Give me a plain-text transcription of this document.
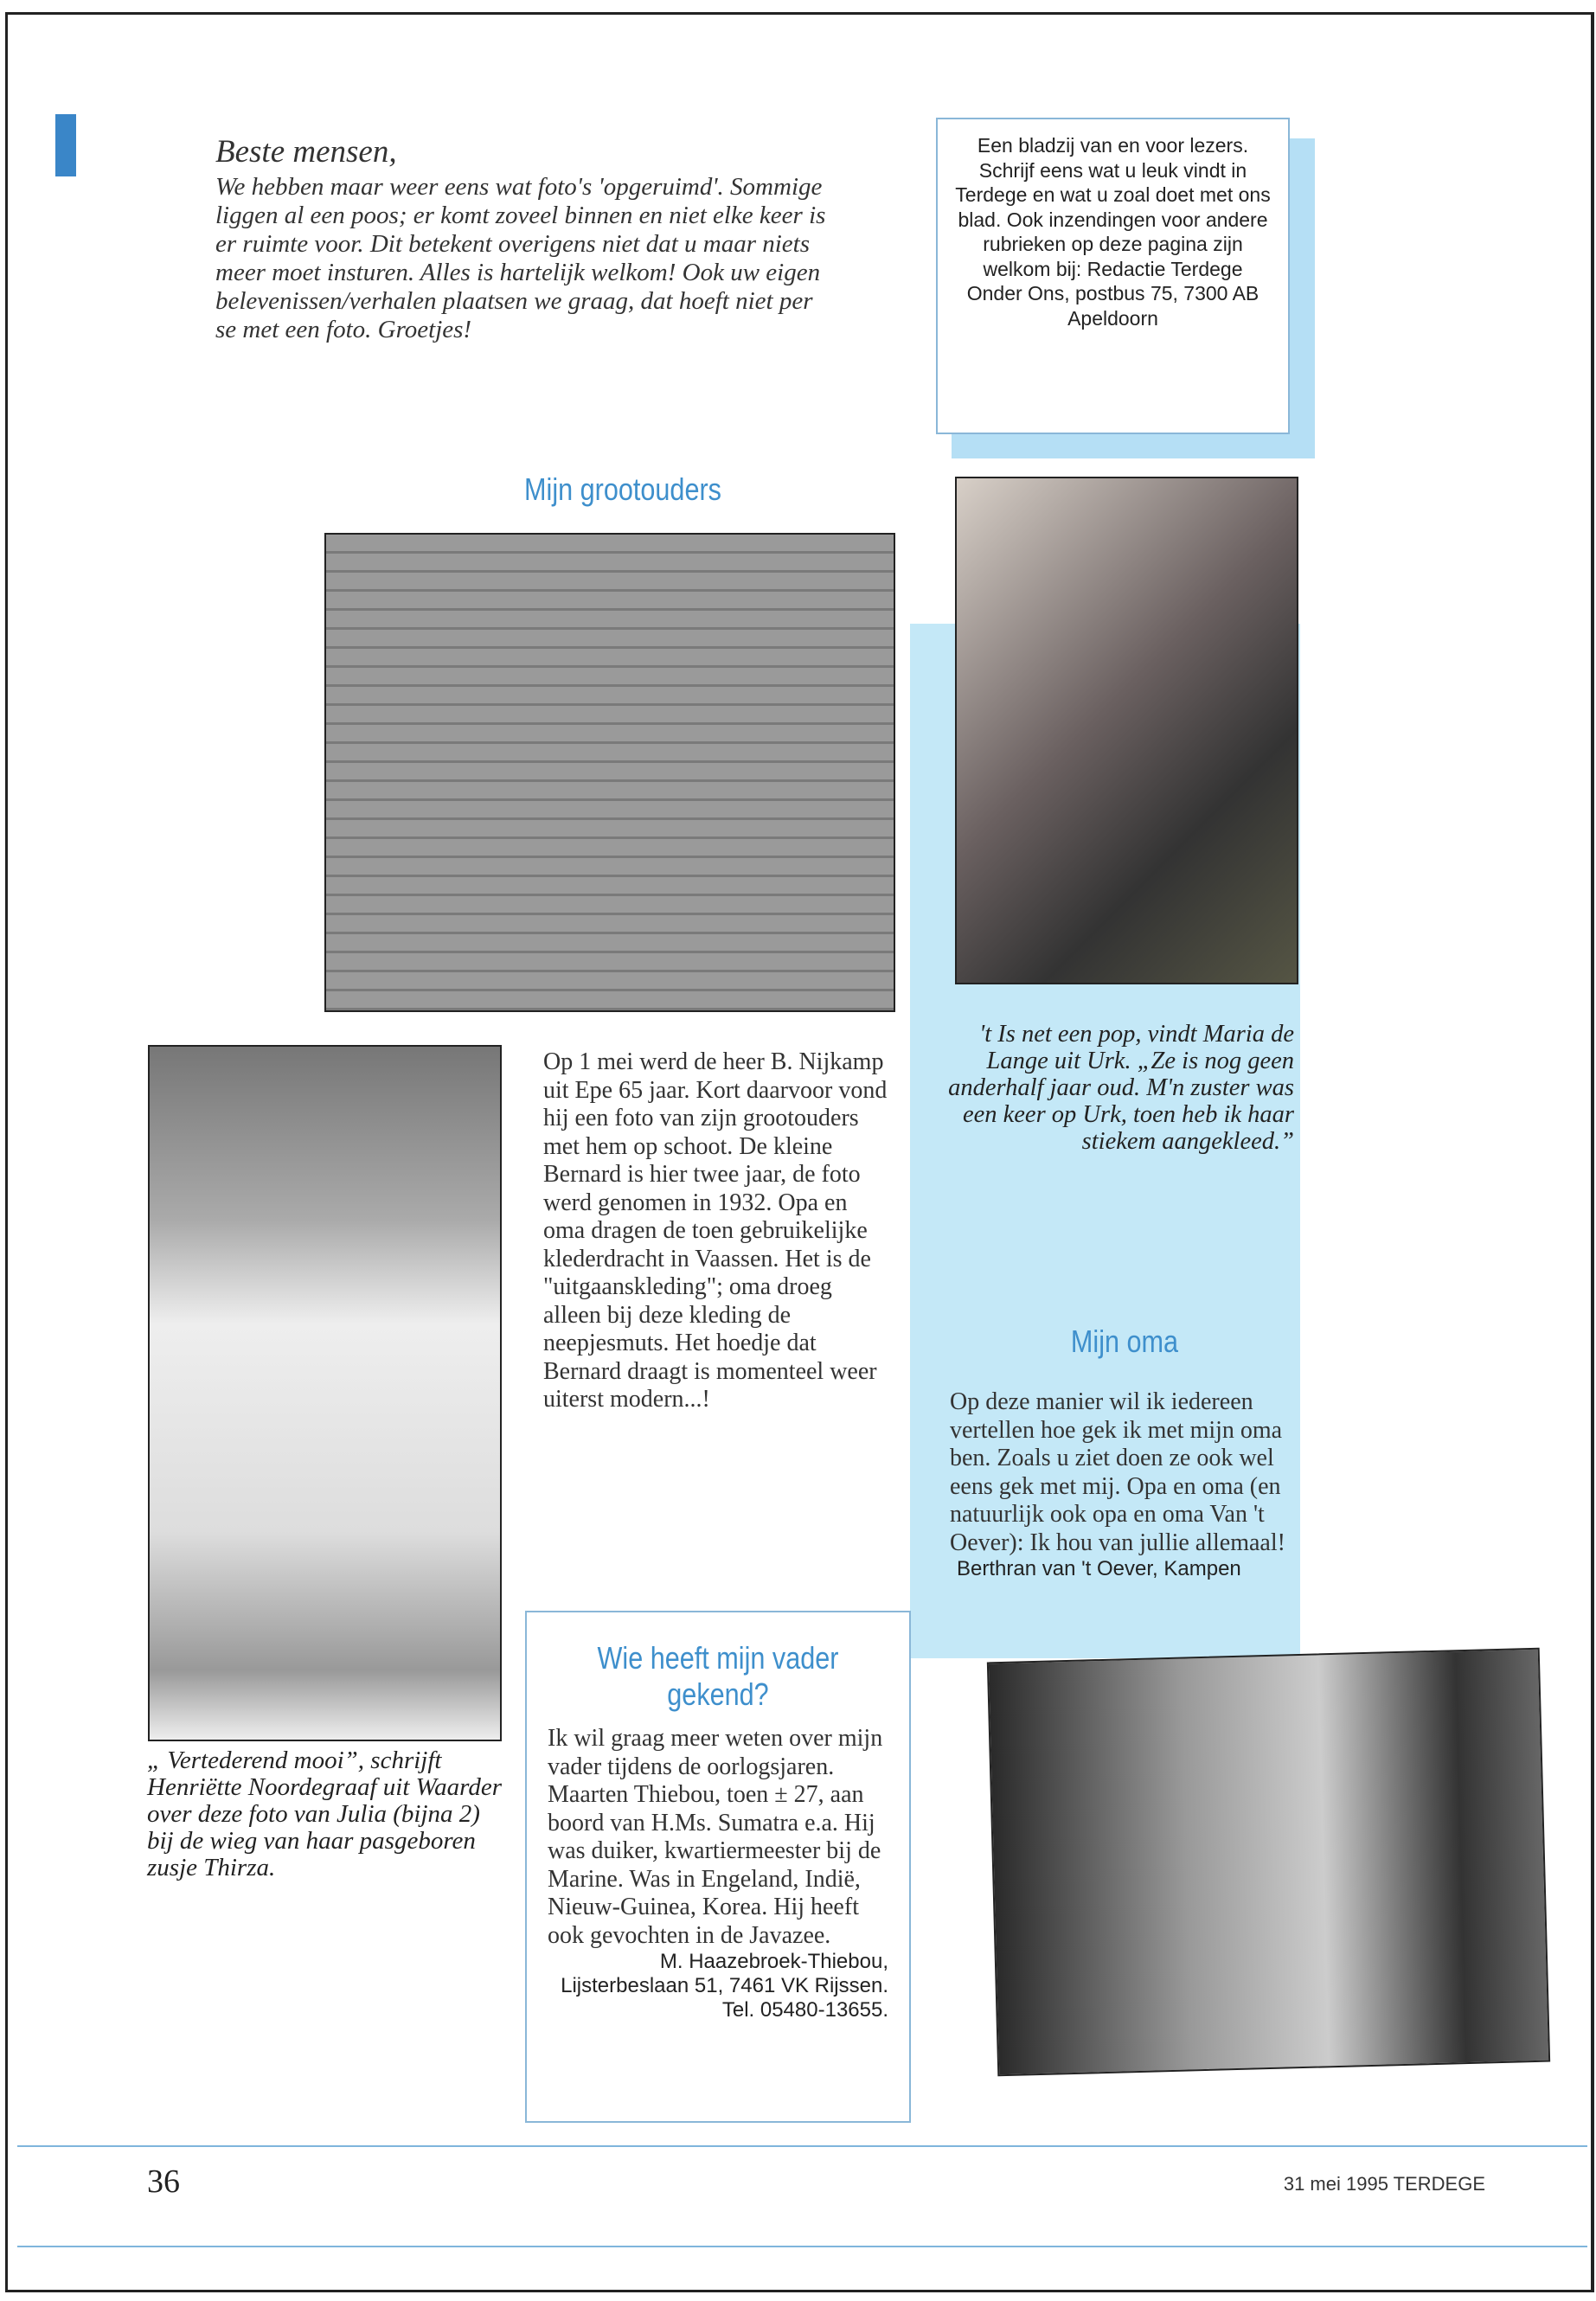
Beste mensen,
We hebben maar weer eens wat foto's 'opgeruimd'. Sommige liggen al een poos; er komt zoveel binnen en niet elke keer is er ruimte voor. Dit betekent overigens niet dat u maar niets meer moet insturen. Alles is hartelijk welkom! Ook uw eigen belevenissen/verhalen plaatsen we graag, dat hoeft niet per se met een foto. Groetjes!
Een bladzij van en voor lezers. Schrijf eens wat u leuk vindt in Terdege en wat u zoal doet met ons blad. Ook inzendingen voor andere rubrieken op deze pagina zijn welkom bij: Redactie Terdege Onder Ons, postbus 75, 7300 AB Apeldoorn
Mijn grootouders
Op 1 mei werd de heer B. Nijkamp uit Epe 65 jaar. Kort daarvoor vond hij een foto van zijn grootouders met hem op schoot. De kleine Bernard is hier twee jaar, de foto werd genomen in 1932. Opa en oma dragen de toen gebruikelijke klederdracht in Vaassen. Het is de "uitgaanskleding"; oma droeg alleen bij deze kleding de neepjesmuts. Het hoedje dat Bernard draagt is momenteel weer uiterst modern...!
't Is net een pop, vindt Maria de Lange uit Urk. „Ze is nog geen anderhalf jaar oud. M'n zuster was een keer op Urk, toen heb ik haar stiekem aangekleed.”
„ Vertederend mooi”, schrijft Henriëtte Noordegraaf uit Waarder over deze foto van Julia (bijna 2) bij de wieg van haar pasgeboren zusje Thirza.
Mijn oma
Op deze manier wil ik iedereen vertellen hoe gek ik met mijn oma ben. Zoals u ziet doen ze ook wel eens gek met mij. Opa en oma (en natuurlijk ook opa en oma Van 't Oever): Ik hou van jullie allemaal!
Berthran van 't Oever, Kampen
Wie heeft mijn vader gekend?
Ik wil graag meer weten over mijn vader tijdens de oorlogsjaren. Maarten Thiebou, toen ± 27, aan boord van H.Ms. Sumatra e.a. Hij was duiker, kwartiermeester bij de Marine. Was in Engeland, Indië, Nieuw-Guinea, Korea. Hij heeft ook gevochten in de Javazee.
M. Haazebroek-Thiebou, Lijsterbeslaan 51, 7461 VK Rijssen. Tel. 05480-13655.
36	31 mei 1995 TERDEGE
